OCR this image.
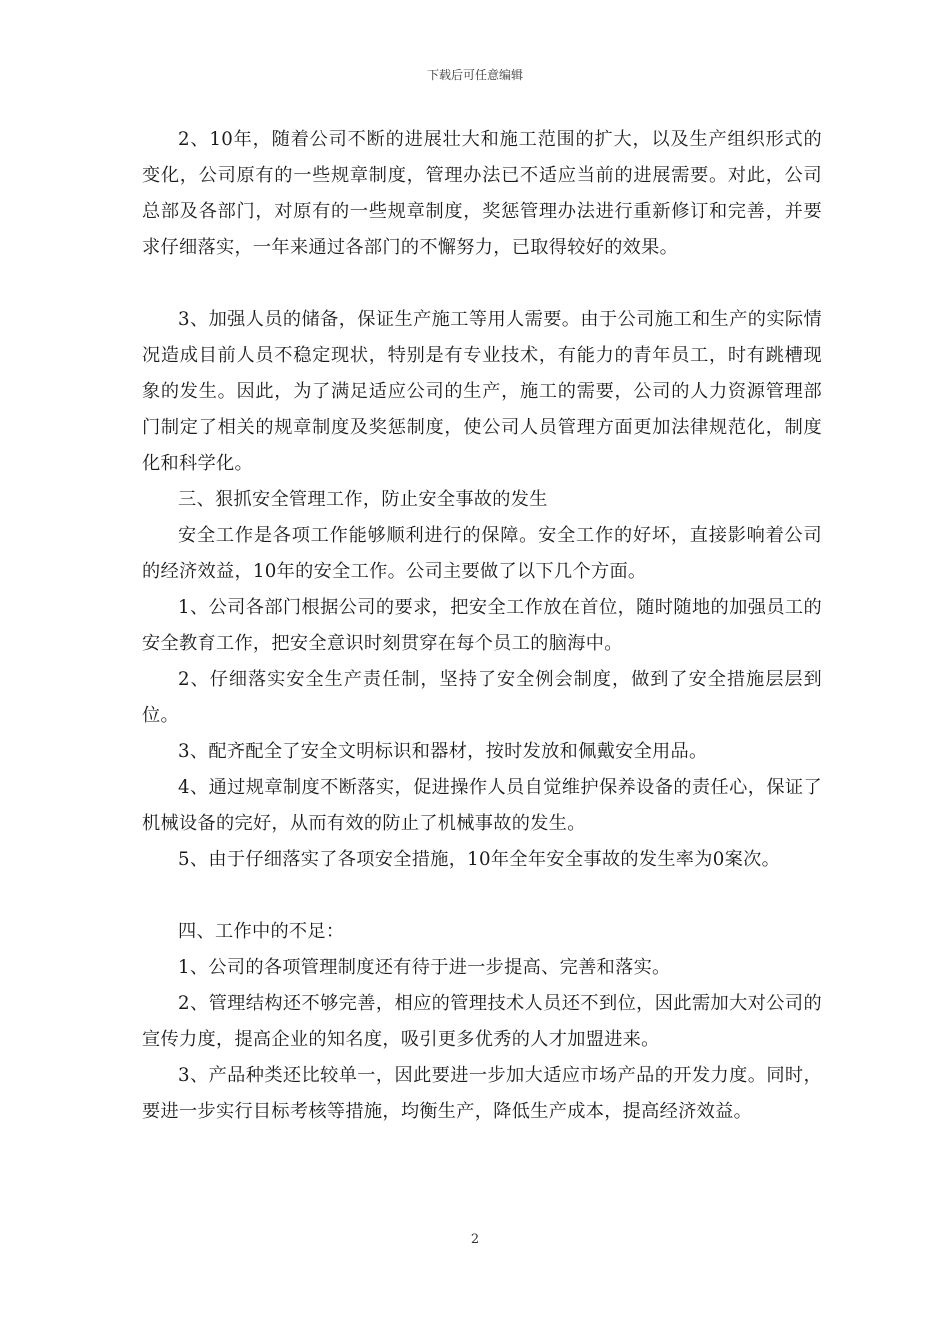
下载后可任意编辑

2、10年，随着公司不断的进展壮大和施工范围的扩大，以及生产组织形式的变化，公司原有的一些规章制度，管理办法已不适应当前的进展需要。对此，公司总部及各部门，对原有的一些规章制度，奖惩管理办法进行重新修订和完善，并要求仔细落实，一年来通过各部门的不懈努力，已取得较好的效果。

3、加强人员的储备，保证生产施工等用人需要。由于公司施工和生产的实际情况造成目前人员不稳定现状，特别是有专业技术，有能力的青年员工，时有跳槽现象的发生。因此，为了满足适应公司的生产，施工的需要，公司的人力资源管理部门制定了相关的规章制度及奖惩制度，使公司人员管理方面更加法律规范化，制度化和科学化。

三、狠抓安全管理工作，防止安全事故的发生

安全工作是各项工作能够顺利进行的保障。安全工作的好坏，直接影响着公司的经济效益，10年的安全工作。公司主要做了以下几个方面。

1、公司各部门根据公司的要求，把安全工作放在首位，随时随地的加强员工的安全教育工作，把安全意识时刻贯穿在每个员工的脑海中。

2、仔细落实安全生产责任制，坚持了安全例会制度，做到了安全措施层层到位。

3、配齐配全了安全文明标识和器材，按时发放和佩戴安全用品。

4、通过规章制度不断落实，促进操作人员自觉维护保养设备的责任心，保证了机械设备的完好，从而有效的防止了机械事故的发生。

5、由于仔细落实了各项安全措施，10年全年安全事故的发生率为0案次。

四、工作中的不足：

1、公司的各项管理制度还有待于进一步提高、完善和落实。

2、管理结构还不够完善，相应的管理技术人员还不到位，因此需加大对公司的宣传力度，提高企业的知名度，吸引更多优秀的人才加盟进来。

3、产品种类还比较单一，因此要进一步加大适应市场产品的开发力度。同时，要进一步实行目标考核等措施，均衡生产，降低生产成本，提高经济效益。

2
